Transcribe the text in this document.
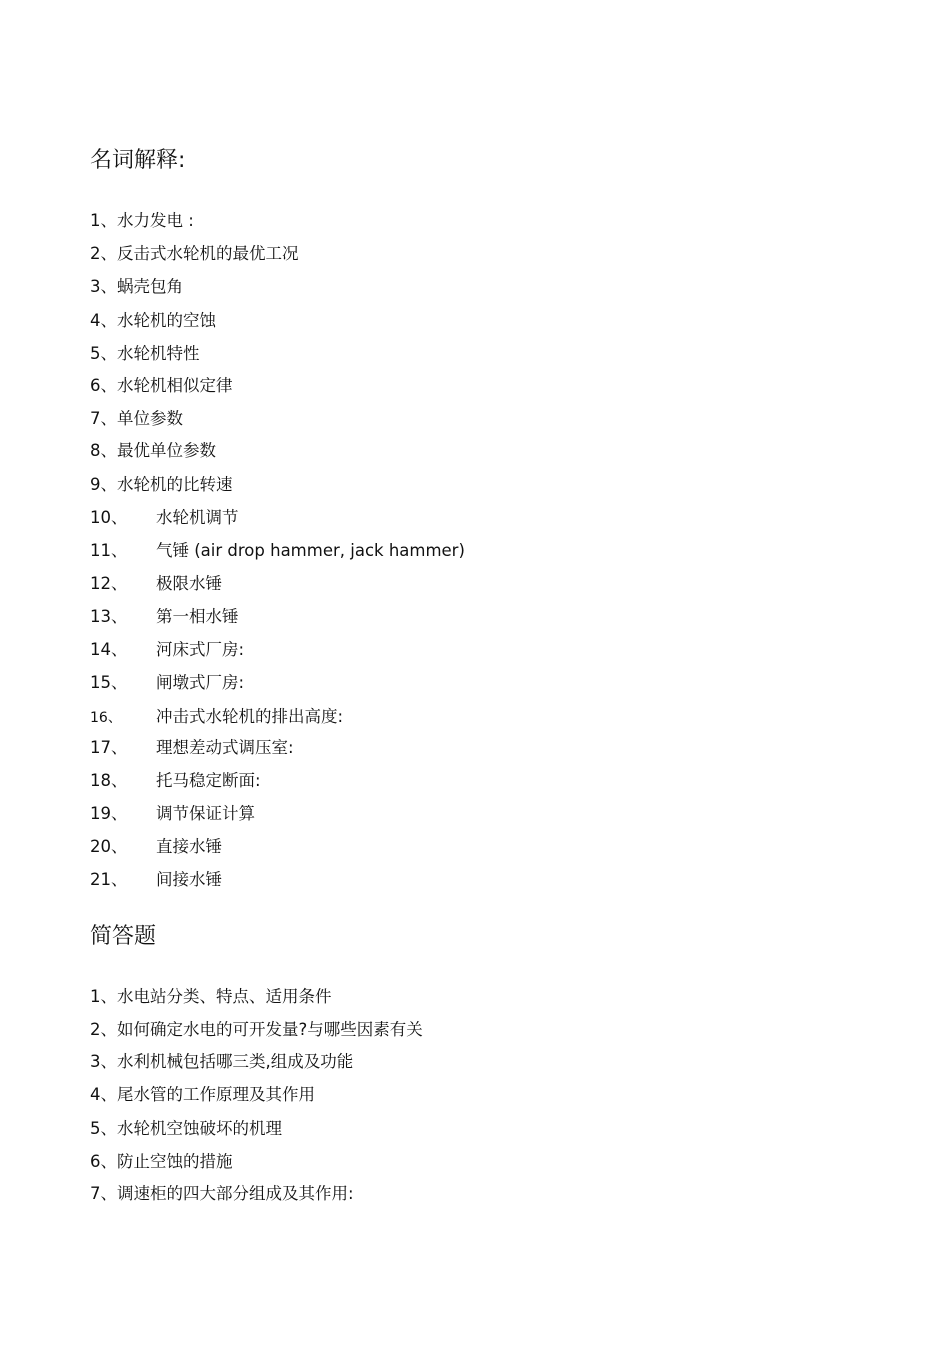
名词解释:
1、水力发电 :
2、反击式水轮机的最优工况
3、蜗壳包角
4、水轮机的空蚀
5、水轮机特性
6、水轮机相似定律
7、单位参数
8、最优单位参数
9、水轮机的比转速
10、 水轮机调节
11、 气锤 (air drop hammer, jack hammer)
12、 极限水锤
13、 第一相水锤
14、 河床式厂房:
15、 闸墩式厂房:
16、 冲击式水轮机的排出高度:
17、 理想差动式调压室:
18、 托马稳定断面:
19、 调节保证计算
20、 直接水锤
21、 间接水锤
简答题
1、水电站分类、特点、适用条件
2、如何确定水电的可开发量?与哪些因素有关
3、水利机械包括哪三类,组成及功能
4、尾水管的工作原理及其作用
5、水轮机空蚀破坏的机理
6、防止空蚀的措施
7、调速柜的四大部分组成及其作用:
